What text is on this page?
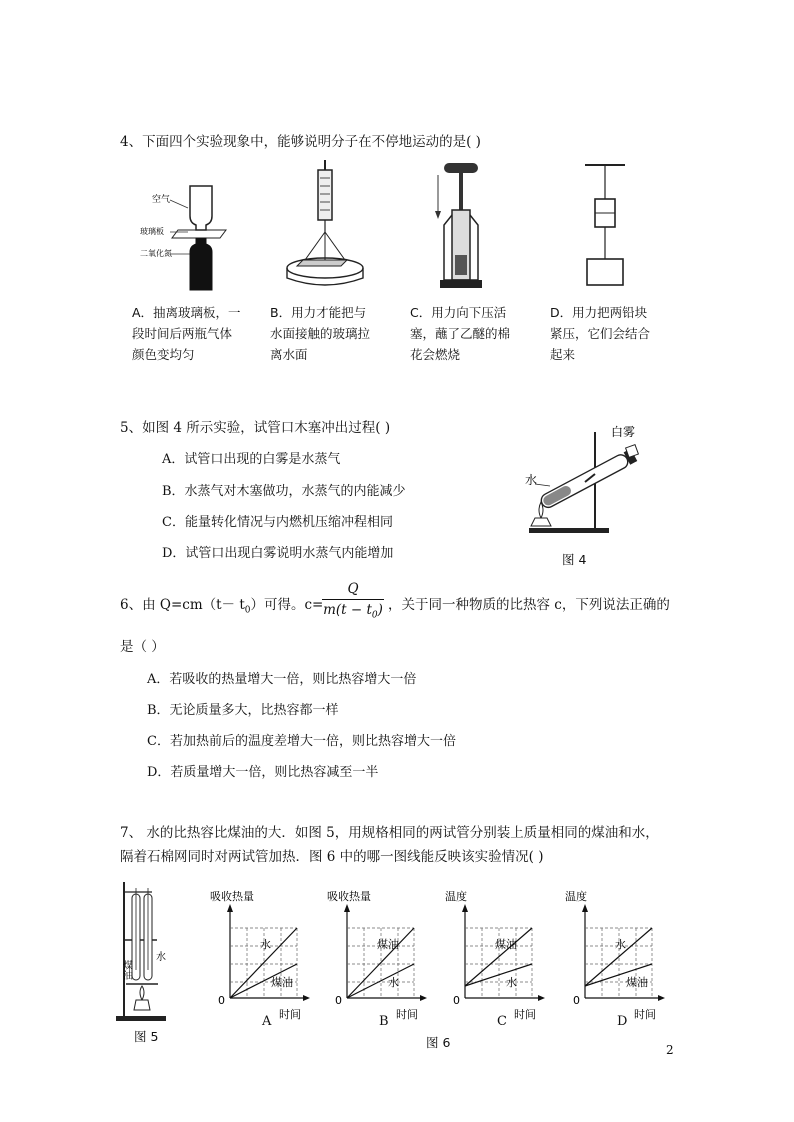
4、下面四个实验现象中，能够说明分子在不停地运动的是( )
空气
玻璃板
二氧化氮
A．抽离玻璃板，一
段时间后两瓶气体
颜色变均匀
B．用力才能把与
水面接触的玻璃拉
离水面
C．用力向下压活
塞，蘸了乙醚的棉
花会燃烧
D．用力把两铅块
紧压，它们会结合
起来
5、如图 4 所示实验，试管口木塞冲出过程( )
A．试管口出现的白雾是水蒸气
B．水蒸气对木塞做功，水蒸气的内能减少
C．能量转化情况与内燃机压缩冲程相同
D．试管口出现白雾说明水蒸气内能增加
白雾
水
图 4
6、由 $Q=cm(t- t_0)$可得。c=
$\frac{Q}{m(t - t_0)}$ ，关于同一种物质的比热容 c，下列说法正确的
是（ ）
A．若吸收的热量增大一倍，则比热容增大一倍
B．无论质量多大，比热容都一样
C．若加热前后的温度差增大一倍，则比热容增大一倍
D．若质量增大一倍，则比热容减至一半
7、 水的比热容比煤油的大．如图 5，用规格相同的两试管分别装上质量相同的煤油和水，
隔着石棉网同时对两试管加热．图 6 中的哪一图线能反映该实验情况( )
煤油
水
图 5
吸收热量
时间
0
水
煤油
A
吸收热量
时间
0
煤油
水
B
温度
时间
0
煤油
水
C
温度
时间
0
水
煤油
D
图 6	2
